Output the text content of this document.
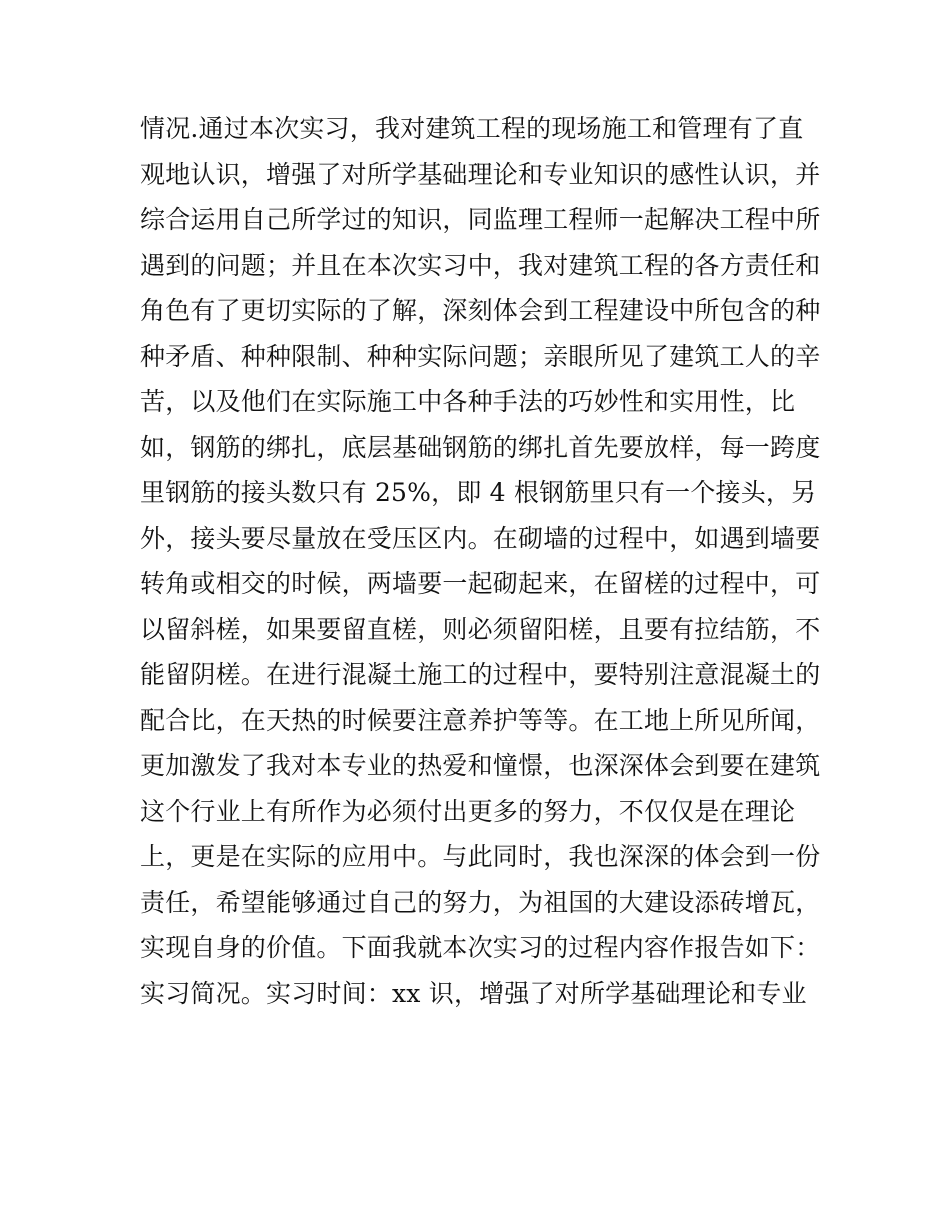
情况.通过本次实习，我对建筑工程的现场施工和管理有了直
观地认识，增强了对所学基础理论和专业知识的感性认识，并
综合运用自己所学过的知识，同监理工程师一起解决工程中所
遇到的问题；并且在本次实习中，我对建筑工程的各方责任和
角色有了更切实际的了解，深刻体会到工程建设中所包含的种
种矛盾、种种限制、种种实际问题；亲眼所见了建筑工人的辛
苦，以及他们在实际施工中各种手法的巧妙性和实用性，比
如，钢筋的绑扎，底层基础钢筋的绑扎首先要放样，每一跨度
里钢筋的接头数只有 25%，即 4 根钢筋里只有一个接头，另
外，接头要尽量放在受压区内。在砌墙的过程中，如遇到墙要
转角或相交的时候，两墙要一起砌起来，在留槎的过程中，可
以留斜槎，如果要留直槎，则必须留阳槎，且要有拉结筋，不
能留阴槎。在进行混凝土施工的过程中，要特别注意混凝土的
配合比，在天热的时候要注意养护等等。在工地上所见所闻，
更加激发了我对本专业的热爱和憧憬，也深深体会到要在建筑
这个行业上有所作为必须付出更多的努力，不仅仅是在理论
上，更是在实际的应用中。与此同时，我也深深的体会到一份
责任，希望能够通过自己的努力，为祖国的大建设添砖增瓦，
实现自身的价值。下面我就本次实习的过程内容作报告如下：
实习简况。实习时间：xx 识，增强了对所学基础理论和专业
